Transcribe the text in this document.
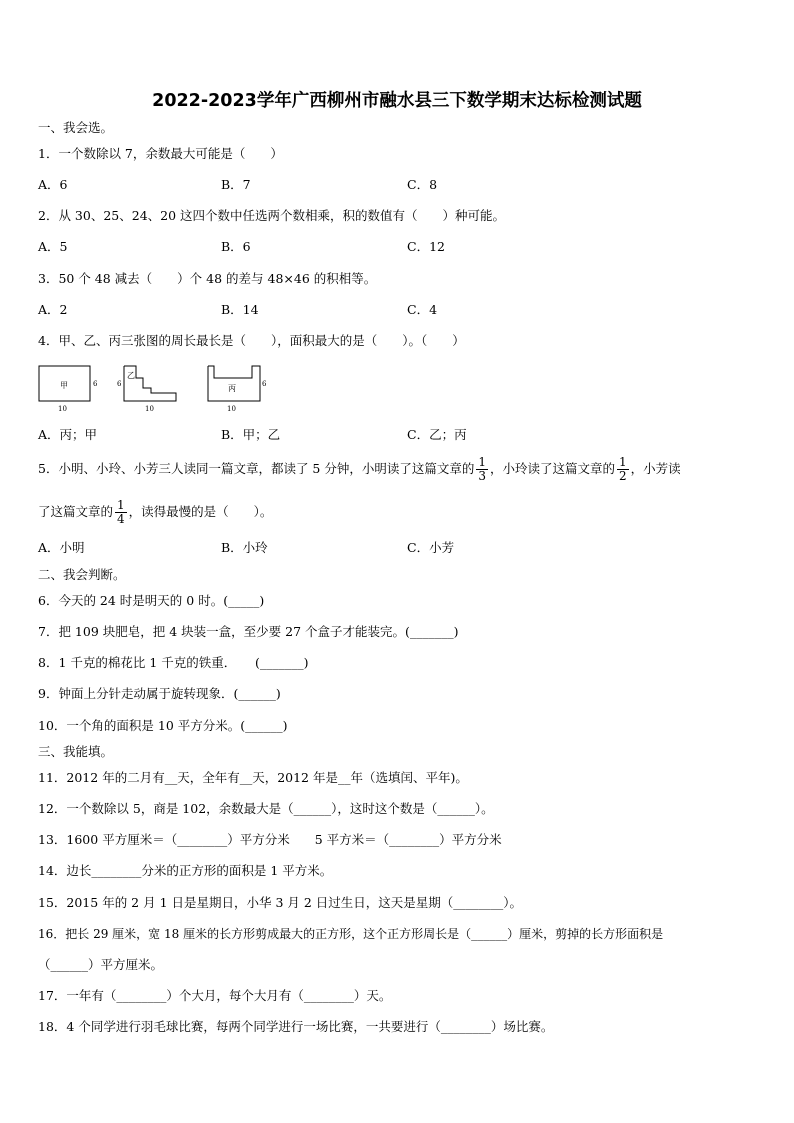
2022-2023学年广西柳州市融水县三下数学期末达标检测试题
一、我会选。
1．一个数除以 7，余数最大可能是（　　）
A．6	B．7	C．8
2．从 30、25、24、20 这四个数中任选两个数相乘，积的数值有（　　）种可能。
A．5	B．6	C．12
3．50 个 48 减去（　　）个 48 的差与 48×46 的积相等。
A．2	B．14	C．4
4．甲、乙、丙三张图的周长最长是（　　），面积最大的是（　　）。（　　）
甲	6
10
乙
6
10
丙	6
10
A．丙；甲	B．甲；乙	C．乙；丙
5．小明、小玲、小芳三人读同一篇文章，都读了 5 分钟，小明读了这篇文章的 $\frac{1}{3}$ ，小玲读了这篇文章的 $\frac{1}{2}$ ，小芳读
了这篇文章的 $\frac{1}{4}$ ，读得最慢的是（　　）。
A．小明	B．小玲	C．小芳
二、我会判断。
6．今天的 24 时是明天的 0 时。(_____)
7．把 109 块肥皂，把 4 块装一盒，至少要 27 个盒子才能装完。(_______)
8．1 千克的棉花比 1 千克的铁重．　　(_______)
9．钟面上分针走动属于旋转现象．(______)
10．一个角的面积是 10 平方分米。(______)
三、我能填。
11．2012 年的二月有__天，全年有__天，2012 年是__年（选填闰、平年)。
12．一个数除以 5，商是 102，余数最大是（______），这时这个数是（______）。
13．1600 平方厘米＝（________）平方分米　　5 平方米＝（________）平方分米
14．边长________分米的正方形的面积是 1 平方米。
15．2015 年的 2 月 1 日是星期日，小华 3 月 2 日过生日，这天是星期（________）。
16．把长 29 厘米，宽 18 厘米的长方形剪成最大的正方形，这个正方形周长是（______）厘米，剪掉的长方形面积是
（______）平方厘米。
17．一年有（________）个大月，每个大月有（________）天。
18．4 个同学进行羽毛球比赛，每两个同学进行一场比赛，一共要进行（________）场比赛。
